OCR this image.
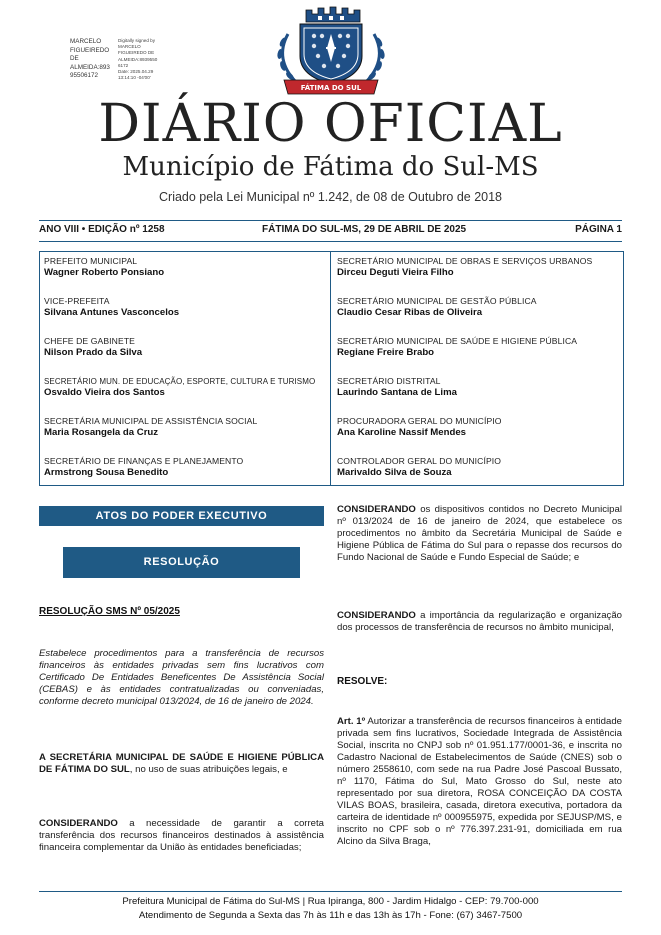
MARCELO
FIGUEIREDO
DE
ALMEIDA:893
95506172
Digitally signed by
MARCELO
FIGUEIREDO DE
ALMEIDA:8939550
6172
Date: 2025.04.29
13:14:10 -04'00'
FÁTIMA DO SUL
DIÁRIO OFICIAL
Município de Fátima do Sul-MS
Criado pela Lei Municipal nº 1.242, de 08 de Outubro de 2018
ANO VIII • EDIÇÃO nº 1258	FÁTIMA DO SUL-MS, 29 DE ABRIL DE 2025	PÁGINA 1
PREFEITO MUNICIPAL
Wagner Roberto Ponsiano
VICE-PREFEITA
Silvana Antunes Vasconcelos
CHEFE DE GABINETE
Nilson Prado da Silva
SECRETÁRIO MUN. DE EDUCAÇÃO, ESPORTE, CULTURA E TURISMO
Osvaldo Vieira dos Santos
SECRETÁRIA MUNICIPAL DE ASSISTÊNCIA SOCIAL
Maria Rosangela da Cruz
SECRETÁRIO DE FINANÇAS E PLANEJAMENTO
Armstrong Sousa Benedito
SECRETÁRIO MUNICIPAL DE OBRAS E SERVIÇOS URBANOS
Dirceu Deguti Vieira Filho
SECRETÁRIO MUNICIPAL DE GESTÃO PÚBLICA
Claudio Cesar Ribas de Oliveira
SECRETÁRIO MUNICIPAL DE SAÚDE E HIGIENE PÚBLICA
Regiane Freire Brabo
SECRETÁRIO DISTRITAL
Laurindo Santana de Lima
PROCURADORA GERAL DO MUNICÍPIO
Ana Karoline Nassif Mendes
CONTROLADOR GERAL DO MUNICÍPIO
Marivaldo Silva de Souza
ATOS DO PODER EXECUTIVO
RESOLUÇÃO
RESOLUÇÃO SMS Nº 05/2025
Estabelece procedimentos para a transferência de recursos financeiros às entidades privadas sem fins lucrativos com Certificado De Entidades Beneficentes De Assistência Social (CEBAS) e às entidades contratualizadas ou conveniadas, conforme decreto municipal 013/2024, de 16 de janeiro de 2024.
A SECRETÁRIA MUNICIPAL DE SAÚDE E HIGIENE PÚBLICA DE FÁTIMA DO SUL, no uso de suas atribuições legais, e
CONSIDERANDO a necessidade de garantir a correta transferência dos recursos financeiros destinados à assistência financeira complementar da União às entidades beneficiadas;
CONSIDERANDO os dispositivos contidos no Decreto Municipal nº 013/2024 de 16 de janeiro de 2024, que estabelece os procedimentos no âmbito da Secretária Municipal de Saúde e Higiene Pública de Fátima do Sul para o repasse dos recursos do Fundo Nacional de Saúde e Fundo Especial de Saúde; e
CONSIDERANDO a importância da regularização e organização dos processos de transferência de recursos no âmbito municipal,
RESOLVE:
Art. 1º Autorizar a transferência de recursos financeiros à entidade privada sem fins lucrativos, Sociedade Integrada de Assistência Social, inscrita no CNPJ sob nº 01.951.177/0001-36, e inscrita no Cadastro Nacional de Estabelecimentos de Saúde (CNES) sob o número 2558610, com sede na rua Padre José Pascoal Bussato, nº 1170, Fátima do Sul, Mato Grosso do Sul, neste ato representado por sua diretora, ROSA CONCEIÇÃO DA COSTA VILAS BOAS, brasileira, casada, diretora executiva, portadora da carteira de identidade nº 000955975, expedida por SEJUSP/MS, e inscrito no CPF sob o nº 776.397.231-91, domiciliada em rua Alcino da Silva Braga,
Prefeitura Municipal de Fátima do Sul-MS | Rua Ipiranga, 800 - Jardim Hidalgo - CEP: 79.700-000
Atendimento de Segunda a Sexta das 7h às 11h e das 13h às 17h - Fone: (67) 3467-7500
